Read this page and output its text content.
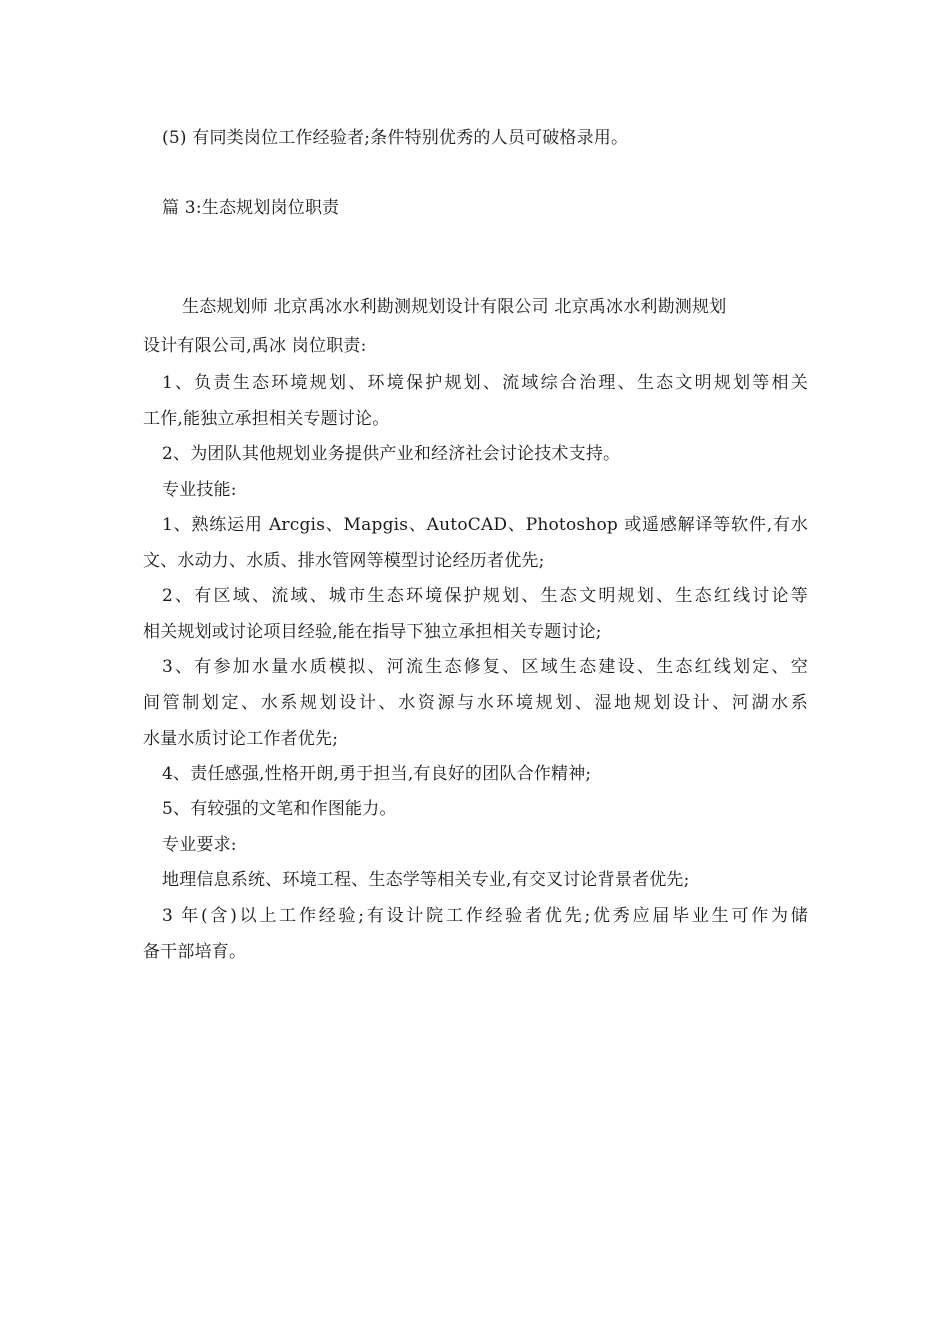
(5) 有同类岗位工作经验者;条件特别优秀的人员可破格录用。
篇 3:生态规划岗位职责
生态规划师 北京禹冰水利勘测规划设计有限公司 北京禹冰水利勘测规划
设计有限公司,禹冰 岗位职责:
1、负责生态环境规划、环境保护规划、流域综合治理、生态文明规划等相关
工作,能独立承担相关专题讨论。
2、为团队其他规划业务提供产业和经济社会讨论技术支持。
专业技能:
1、熟练运用 Arcgis、Mapgis、AutoCAD、Photoshop 或遥感解译等软件,有水
文、水动力、水质、排水管网等模型讨论经历者优先;
2、有区域、流域、城市生态环境保护规划、生态文明规划、生态红线讨论等
相关规划或讨论项目经验,能在指导下独立承担相关专题讨论;
3、有参加水量水质模拟、河流生态修复、区域生态建设、生态红线划定、空
间管制划定、水系规划设计、水资源与水环境规划、湿地规划设计、河湖水系
水量水质讨论工作者优先;
4、责任感强,性格开朗,勇于担当,有良好的团队合作精神;
5、有较强的文笔和作图能力。
专业要求:
地理信息系统、环境工程、生态学等相关专业,有交叉讨论背景者优先;
3 年(含)以上工作经验;有设计院工作经验者优先;优秀应届毕业生可作为储
备干部培育。
